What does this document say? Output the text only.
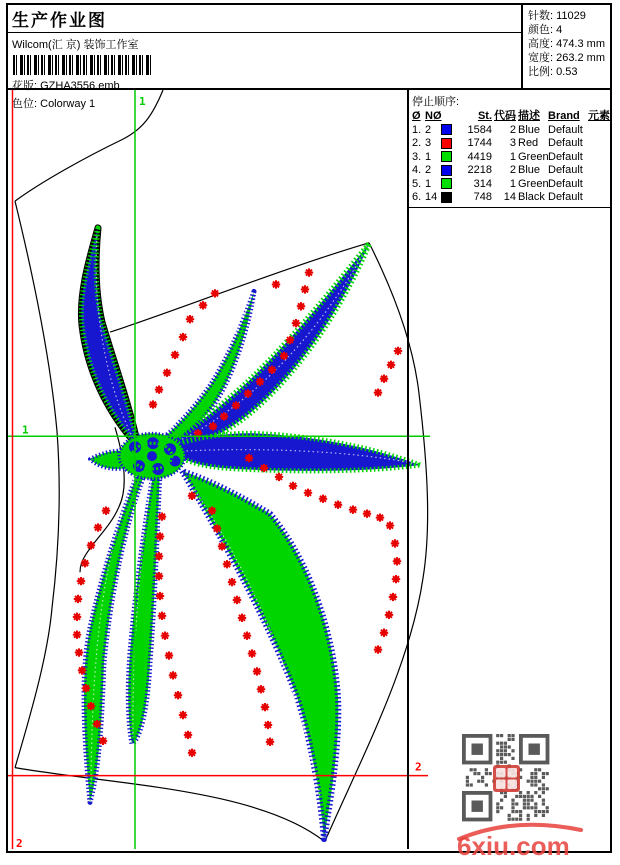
生产作业图
Wilcom(汇 京) 装饰工作室
花版: GZHA3556.emb
色位: Colorway 1
针数: 11029
颜色: 4
高度: 474.3 mm
宽度: 263.2 mm
比例: 0.53
1
1
2
2
停止顺序:
Ø NØ	St. 代码 描述 Brand 元素
1. 2	1584	2 Blue Default
2. 3	1744	3 Red Default
3. 1	4419	1 Green Default
4. 2	2218	2 Blue Default
5. 1	314	1 Green Default
6. 14	748	14 Black Default
6xiu.com
